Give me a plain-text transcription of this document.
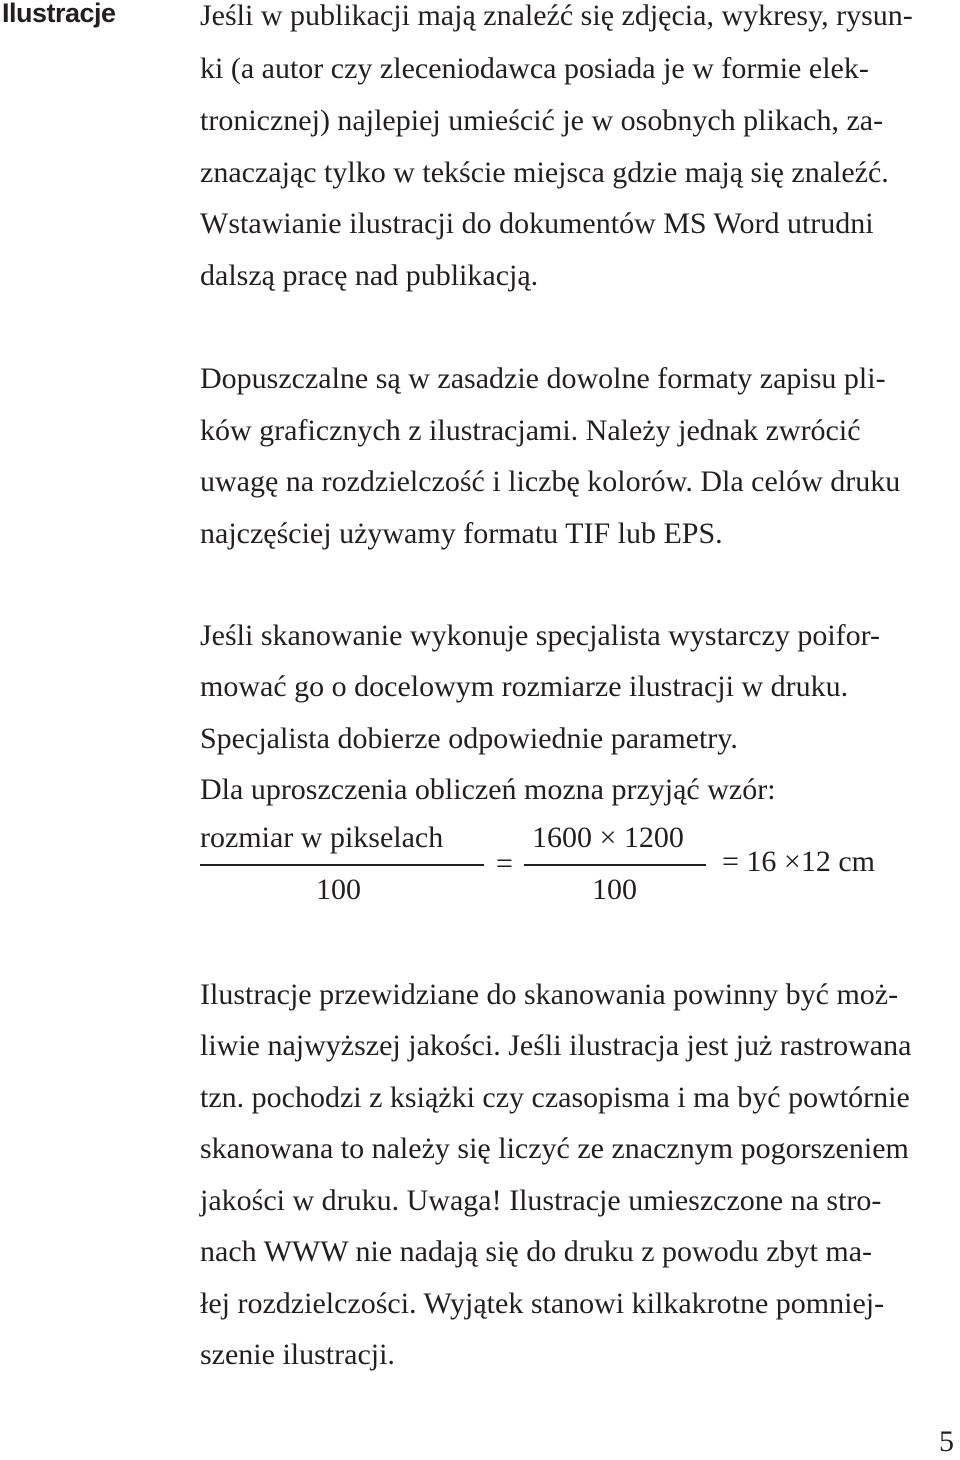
Ilustracje	Jeśli w publikacji mają znaleźć się zdjęcia, wykresy, rysun-
ki (a autor czy zleceniodawca posiada je w formie elek-
tronicznej) najlepiej umieścić je w osobnych plikach, za-
znaczając tylko w tekście miejsca gdzie mają się znaleźć.
Wstawianie ilustracji do dokumentów MS Word utrudni
dalszą pracę nad publikacją.
Dopuszczalne są w zasadzie dowolne formaty zapisu pli-
ków graficznych z ilustracjami. Należy jednak zwrócić
uwagę na rozdzielczość i liczbę kolorów. Dla celów druku
najczęściej używamy formatu TIF lub EPS.
Jeśli skanowanie wykonuje specjalista wystarczy poifor-
mować go o docelowym rozmiarze ilustracji w druku.
Specjalista dobierze odpowiednie parametry.
Dla uproszczenia obliczeń mozna przyjąć wzór:
rozmiar w pikselach
100
=
1600 × 1200
100
= 16 ×12 cm
Ilustracje przewidziane do skanowania powinny być moż-
liwie najwyższej jakości. Jeśli ilustracja jest już rastrowana
tzn. pochodzi z książki czy czasopisma i ma być powtórnie
skanowana to należy się liczyć ze znacznym pogorszeniem
jakości w druku. Uwaga! Ilustracje umieszczone na stro-
nach WWW nie nadają się do druku z powodu zbyt ma-
łej rozdzielczości. Wyjątek stanowi kilkakrotne pomniej-
szenie ilustracji.
5
